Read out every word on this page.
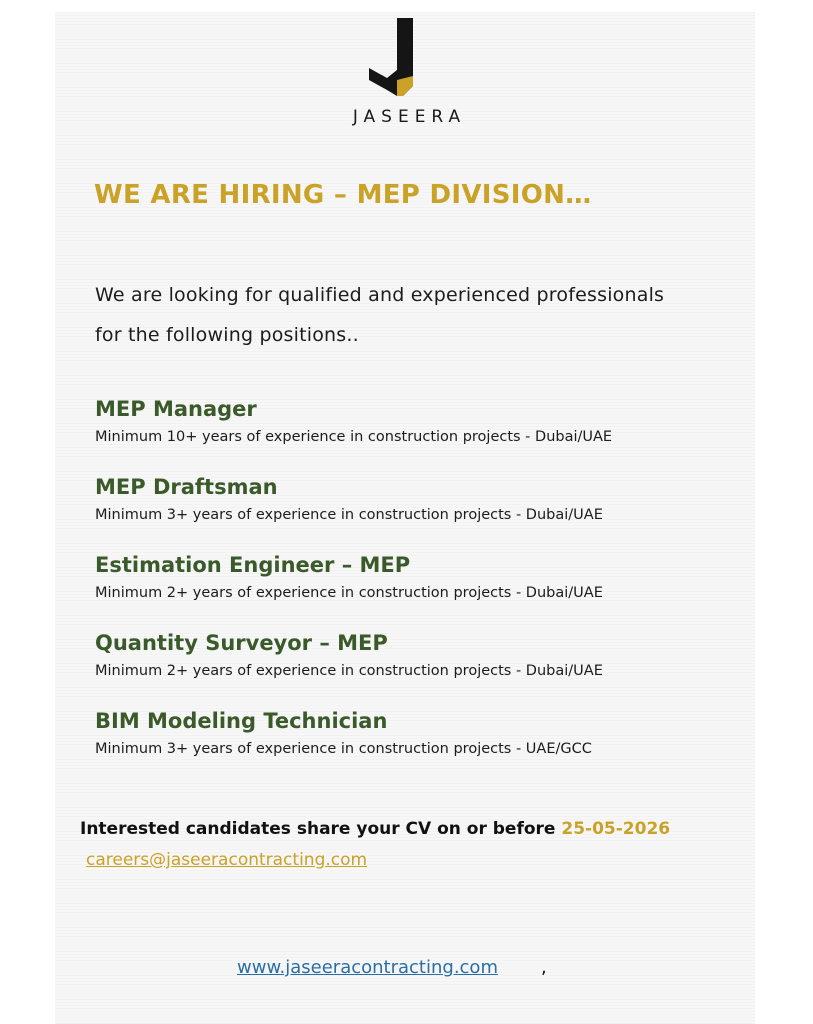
JASEERA
WE ARE HIRING – MEP DIVISION…
We are looking for qualified and experienced professionals
for the following positions..
MEP Manager
Minimum 10+ years of experience in construction projects - Dubai/UAE
MEP Draftsman
Minimum 3+ years of experience in construction projects - Dubai/UAE
Estimation Engineer – MEP
Minimum 2+ years of experience in construction projects - Dubai/UAE
Quantity Surveyor – MEP
Minimum 2+ years of experience in construction projects - Dubai/UAE
BIM Modeling Technician
Minimum 3+ years of experience in construction projects - UAE/GCC
Interested candidates share your CV on or before 25-05-2026
careers@jaseeracontracting.com
www.jaseeracontracting.com ,
